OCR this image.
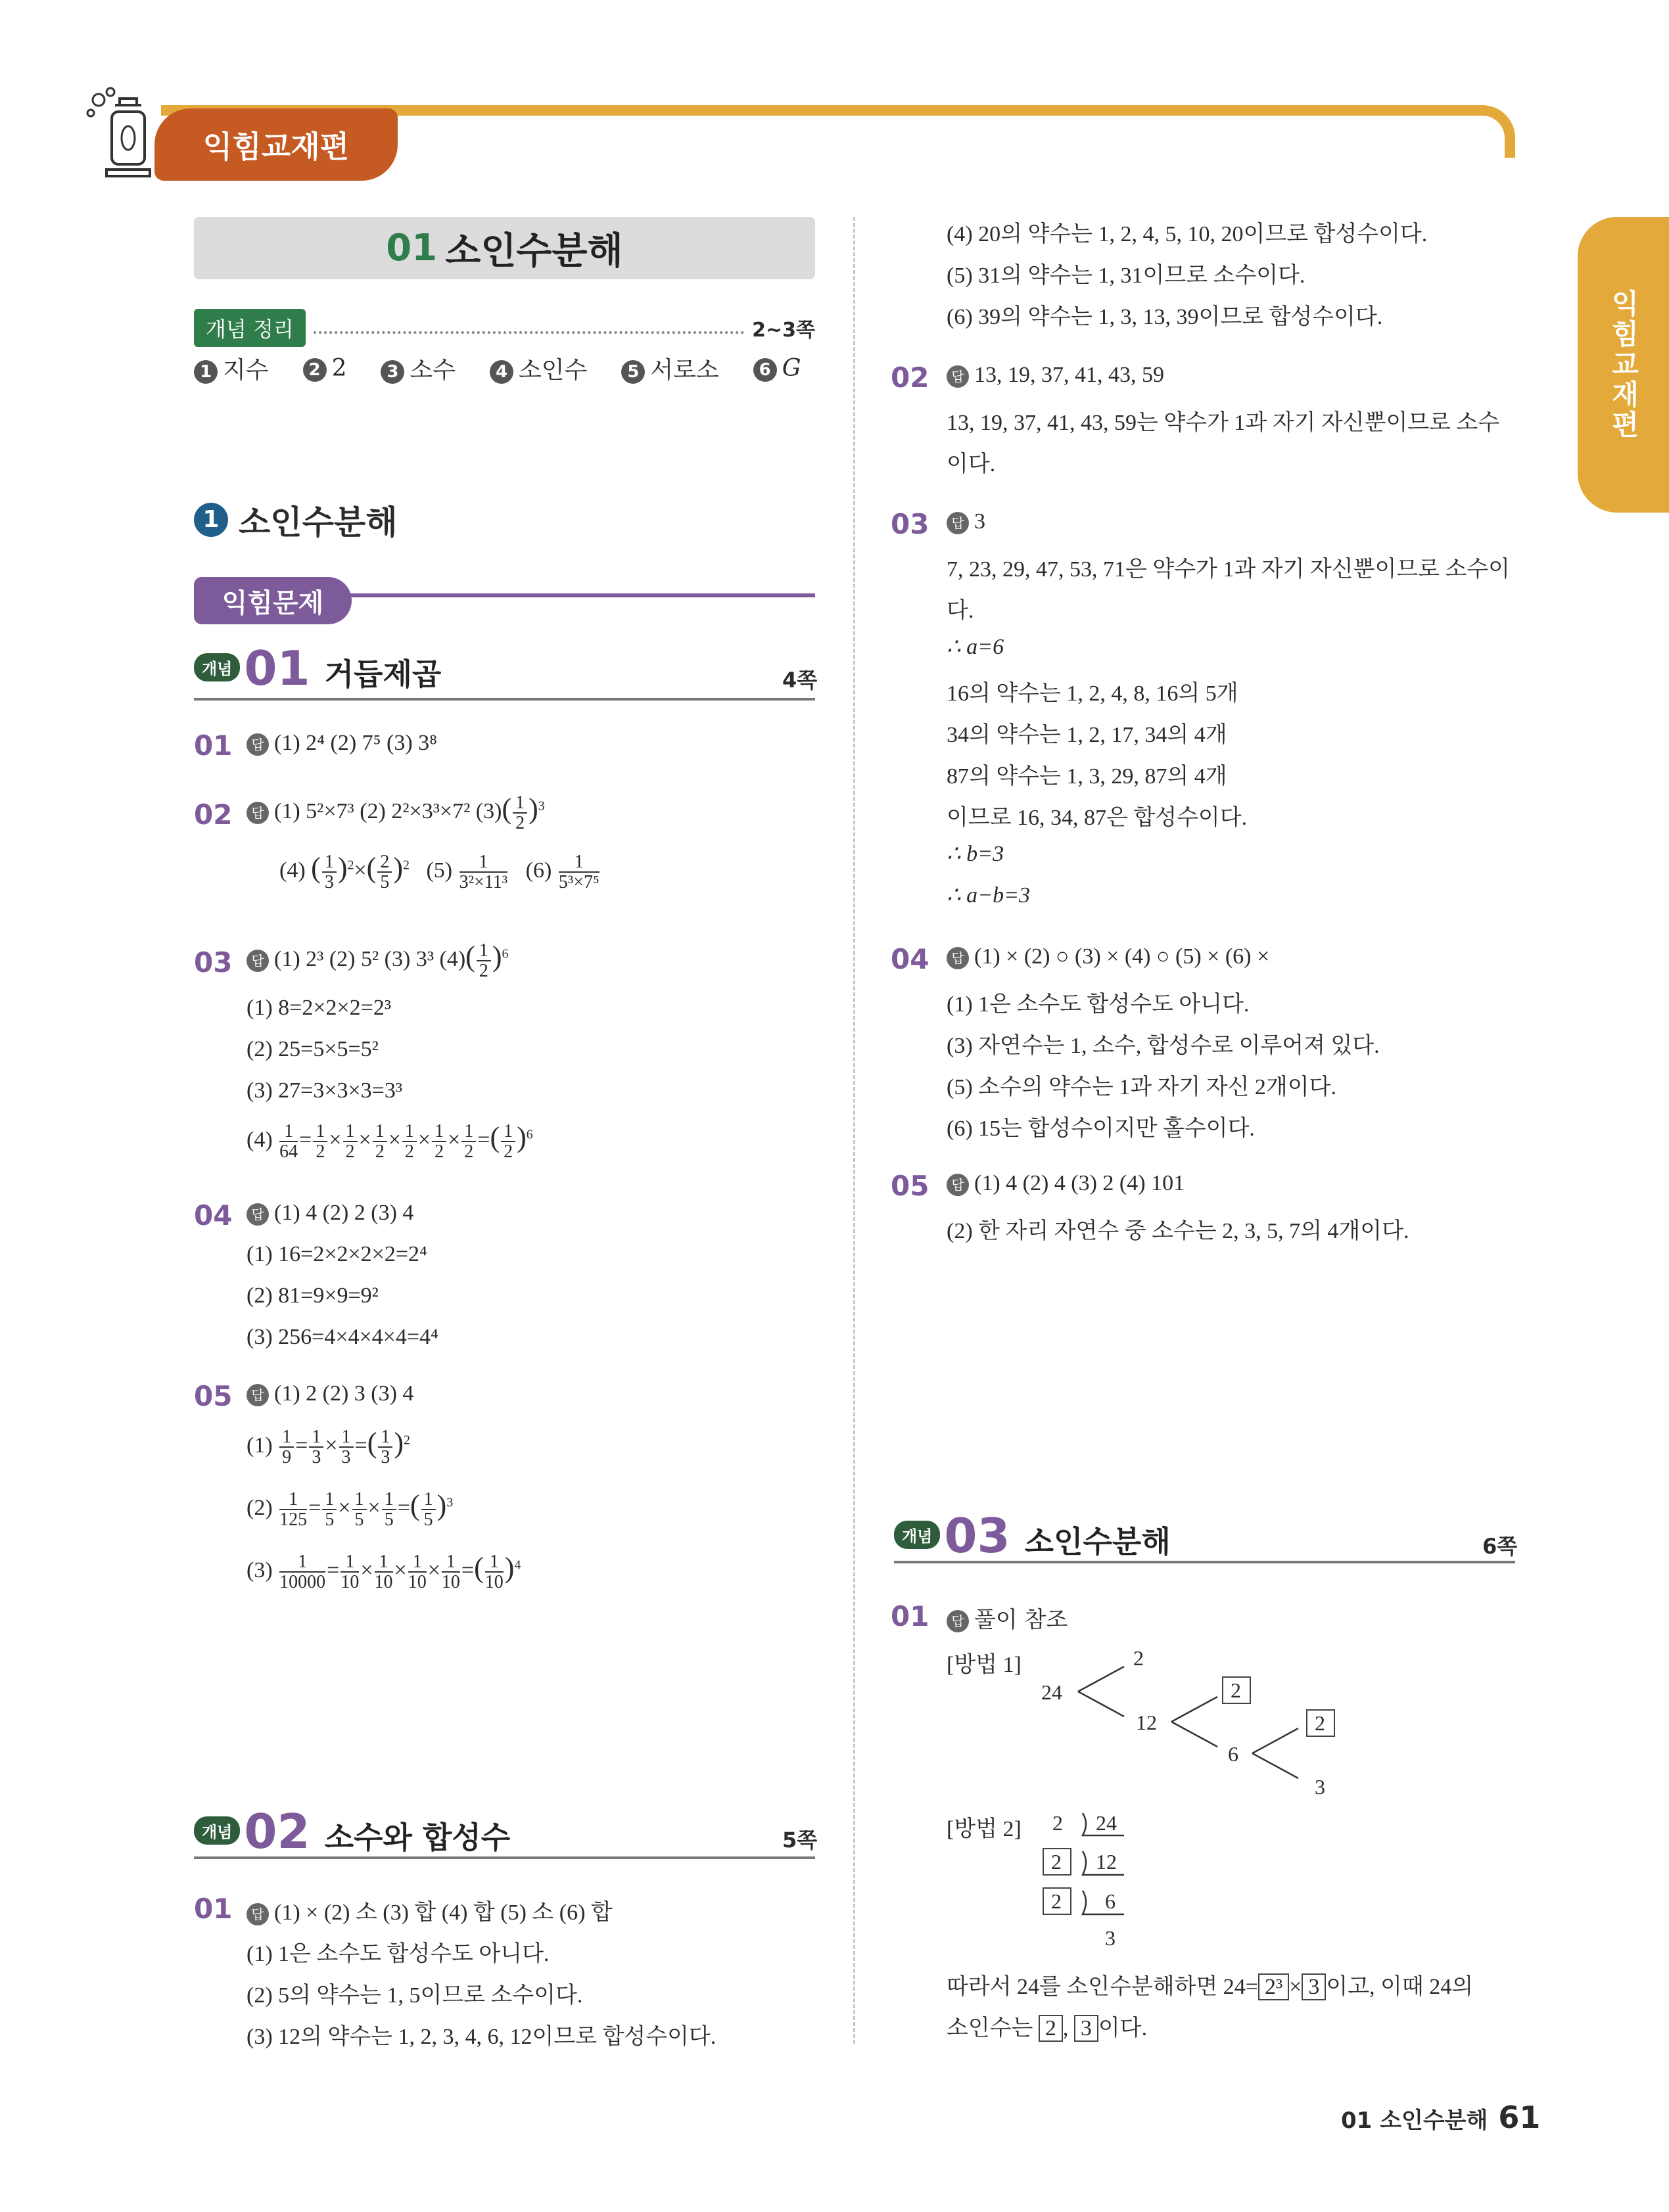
익힘교재편
익힘교재편
01 소인수분해
개념 정리	2~3쪽
1 지수	2 2	3 소수	4 소인수	5 서로소	6 G
1 소인수분해
익힘문제
개념 01 거듭제곱	4쪽
01	답 (1) 2⁴ (2) 7⁵ (3) 3⁸
02	답 (1) 5²×7³ (2) 2²×3³×7² $(3)( \frac{1}{2} )^3$
(4) ( $\frac{1}{3} )^2\times( \frac{2}{5} )^2$ $(5) \frac{1}{\text{3²×11³}} (6) \frac{1}{\text{5³×7⁵}}$
03	답 (1) 2³ (2) 5² (3) 3³ $(4)( \frac{1}{2} )^6$
(1) 8=2×2×2=2³
(2) 25=5×5=5²
(3) 27=3×3×3=3³
$(4) \frac{1}{64} = \frac{1}{2} \times \frac{1}{2} \times \frac{1}{2} \times \frac{1}{2} \times \frac{1}{2} \times \frac{1}{2}$ =( $\frac{1}{2} )^6$
04	답 (1) 4 (2) 2 (3) 4
(1) 16=2×2×2×2=2⁴
(2) 81=9×9=9²
(3) 256=4×4×4×4=4⁴
05	답 (1) 2 (2) 3 (3) 4
$(1) \frac{1}{9} = \frac{1}{3} \times \frac{1}{3}$ =( $\frac{1}{3} )^2$
$(2) \frac{1}{125} = \frac{1}{5} \times \frac{1}{5} \times \frac{1}{5}$ =( $\frac{1}{5} )^3$
$(3) \frac{1}{10000} = \frac{1}{10} \times \frac{1}{10} \times \frac{1}{10} \times \frac{1}{10}$ =( $\frac{1}{10} )^4$
개념 02 소수와 합성수	5쪽
01	답 (1) × (2) 소 (3) 합 (4) 합 (5) 소 (6) 합
(1) 1은 소수도 합성수도 아니다.
(2) 5의 약수는 1, 5이므로 소수이다.
(3) 12의 약수는 1, 2, 3, 4, 6, 12이므로 합성수이다.
(4) 20의 약수는 1, 2, 4, 5, 10, 20이므로 합성수이다.
(5) 31의 약수는 1, 31이므로 소수이다.
(6) 39의 약수는 1, 3, 13, 39이므로 합성수이다.
02	답 13, 19, 37, 41, 43, 59
13, 19, 37, 41, 43, 59는 약수가 1과 자기 자신뿐이므로 소수
이다.
03	답 3
7, 23, 29, 47, 53, 71은 약수가 1과 자기 자신뿐이므로 소수이
다.
∴ a=6
16의 약수는 1, 2, 4, 8, 16의 5개
34의 약수는 1, 2, 17, 34의 4개
87의 약수는 1, 3, 29, 87의 4개
이므로 16, 34, 87은 합성수이다.
∴ b=3
∴ a−b=3
04	답 (1) × (2) ○ (3) × (4) ○ (5) × (6) ×
(1) 1은 소수도 합성수도 아니다.
(3) 자연수는 1, 소수, 합성수로 이루어져 있다.
(5) 소수의 약수는 1과 자기 자신 2개이다.
(6) 15는 합성수이지만 홀수이다.
05	답 (1) 4 (2) 4 (3) 2 (4) 101
(2) 한 자리 자연수 중 소수는 2, 3, 5, 7의 4개이다.
개념 03 소인수분해	6쪽
01	답 풀이 참조
[방법 1]
24
2
12
2
6
2
3
[방법 2] 2 24
2 12
2 6
3
따라서 24를 소인수분해하면 24= 2³ × 3 이고, 이때 24의
소인수는 2 , 3 이다.
01 소인수분해 61
